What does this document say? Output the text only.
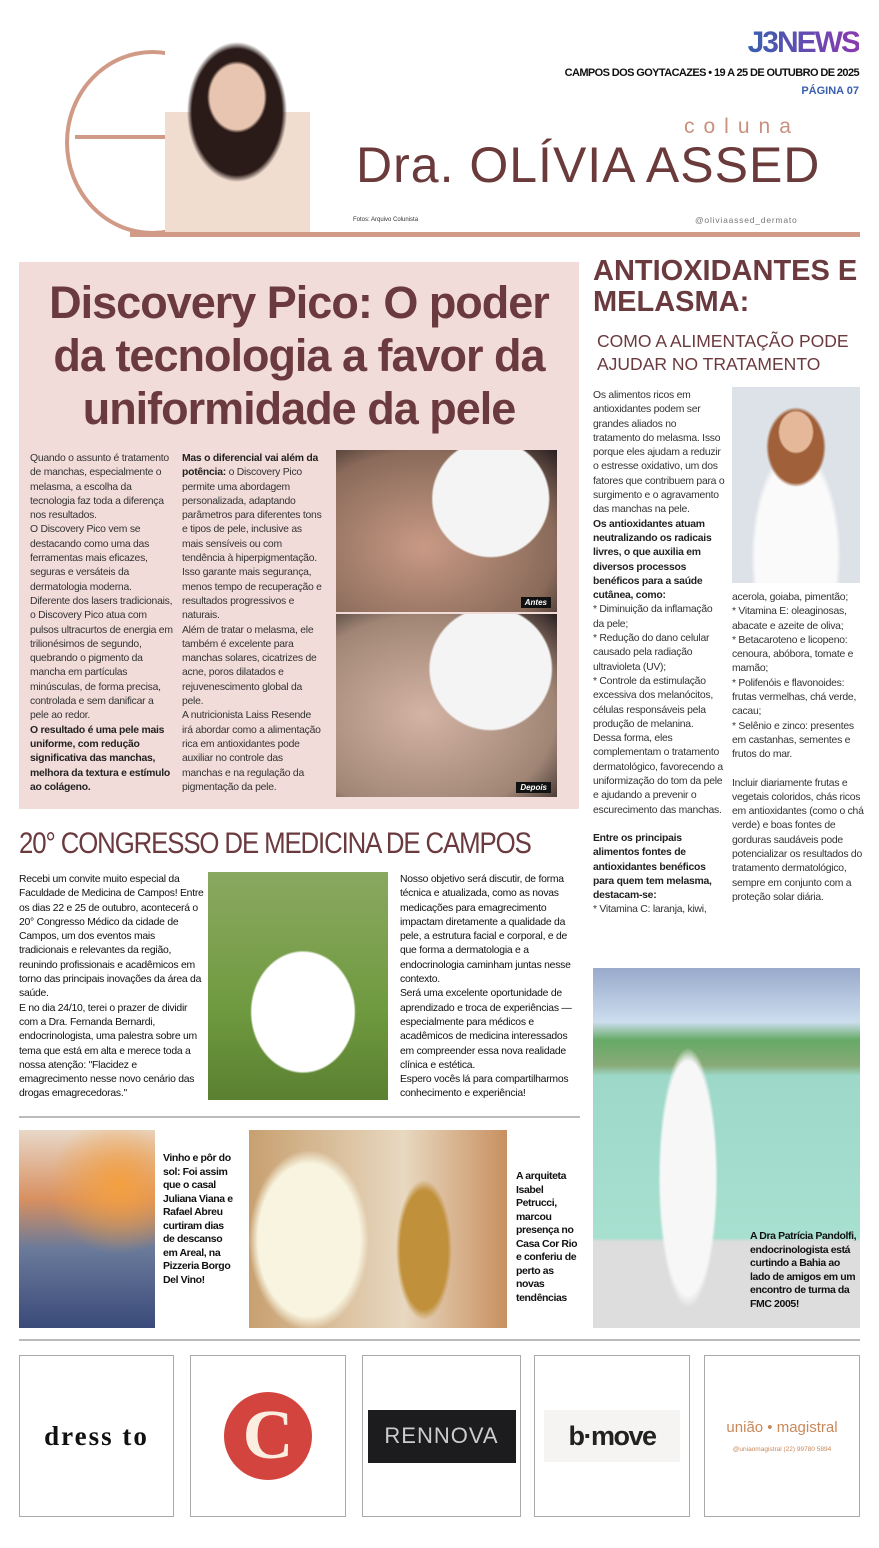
J3NEWS
CAMPOS DOS GOYTACAZES • 19 A 25 DE OUTUBRO DE 2025
PÁGINA 07
coluna
Dra. OLÍVIA ASSED
Fotos: Arquivo Colunista	@oliviaassed_dermato
Discovery Pico: O poder da tecnologia a favor da uniformidade da pele

Quando o assunto é tratamento de manchas, especialmente o melasma, a escolha da tecnologia faz toda a diferença nos resultados.

O Discovery Pico vem se destacando como uma das ferramentas mais eficazes, seguras e versáteis da dermatologia moderna.

Diferente dos lasers tradicionais, o Discovery Pico atua com pulsos ultracurtos de energia em trilionésimos de segundo, quebrando o pigmento da mancha em partículas minúsculas, de forma precisa, controlada e sem danificar a pele ao redor.

O resultado é uma pele mais uniforme, com redução significativa das manchas, melhora da textura e estímulo ao colágeno.

Mas o diferencial vai além da potência: o Discovery Pico permite uma abordagem personalizada, adaptando parâmetros para diferentes tons e tipos de pele, inclusive as mais sensíveis ou com tendência à hiperpigmentação. Isso garante mais segurança, menos tempo de recuperação e resultados progressivos e naturais.

Além de tratar o melasma, ele também é excelente para manchas solares, cicatrizes de acne, poros dilatados e rejuvenescimento global da pele.

A nutricionista Laiss Resende irá abordar como a alimentação rica em antioxidantes pode auxiliar no controle das manchas e na regulação da pigmentação da pele.

Antes
Depois
ANTIOXIDANTES E MELASMA:
COMO A ALIMENTAÇÃO PODE AJUDAR NO TRATAMENTO

Os alimentos ricos em antioxidantes podem ser grandes aliados no tratamento do melasma. Isso porque eles ajudam a reduzir o estresse oxidativo, um dos fatores que contribuem para o surgimento e o agravamento das manchas na pele.

Os antioxidantes atuam neutralizando os radicais livres, o que auxilia em diversos processos benéficos para a saúde cutânea, como:

* Diminuição da inflamação da pele;

* Redução do dano celular causado pela radiação ultravioleta (UV);

* Controle da estimulação excessiva dos melanócitos, células responsáveis pela produção de melanina.

Dessa forma, eles complementam o tratamento dermatológico, favorecendo a uniformização do tom da pele e ajudando a prevenir o escurecimento das manchas.

Entre os principais alimentos fontes de antioxidantes benéficos para quem tem melasma, destacam-se:

* Vitamina C: laranja, kiwi,

acerola, goiaba, pimentão;

* Vitamina E: oleaginosas, abacate e azeite de oliva;

* Betacaroteno e licopeno: cenoura, abóbora, tomate e mamão;

* Polifenóis e flavonoides: frutas vermelhas, chá verde, cacau;

* Selênio e zinco: presentes em castanhas, sementes e frutos do mar.

Incluir diariamente frutas e vegetais coloridos, chás ricos em antioxidantes (como o chá verde) e boas fontes de gorduras saudáveis pode potencializar os resultados do tratamento dermatológico, sempre em conjunto com a proteção solar diária.

A Dra Patrícia Pandolfi, endocrinologista está curtindo a Bahia ao lado de amigos em um encontro de turma da FMC 2005!
20° CONGRESSO DE MEDICINA DE CAMPOS

Recebi um convite muito especial da Faculdade de Medicina de Campos! Entre os dias 22 e 25 de outubro, acontecerá o 20° Congresso Médico da cidade de Campos, um dos eventos mais tradicionais e relevantes da região, reunindo profissionais e acadêmicos em torno das principais inovações da área da saúde.

E no dia 24/10, terei o prazer de dividir com a Dra. Fernanda Bernardi, endocrinologista, uma palestra sobre um tema que está em alta e merece toda a nossa atenção: "Flacidez e emagrecimento nesse novo cenário das drogas emagrecedoras."

Nosso objetivo será discutir, de forma técnica e atualizada, como as novas medicações para emagrecimento impactam diretamente a qualidade da pele, a estrutura facial e corporal, e de que forma a dermatologia e a endocrinologia caminham juntas nesse contexto.

Será uma excelente oportunidade de aprendizado e troca de experiências — especialmente para médicos e acadêmicos de medicina interessados em compreender essa nova realidade clínica e estética.

Espero vocês lá para compartilharmos conhecimento e experiência!

Vinho e pôr do sol: Foi assim que o casal Juliana Viana e Rafael Abreu curtiram dias de descanso em Areal, na Pizzeria Borgo Del Vino!
A arquiteta Isabel Petrucci, marcou presença no Casa Cor Rio e conferiu de perto as novas tendências
dress to C	RENNOVA	b·move	união • magistral
@uniaomagistral (22) 99780 5894
